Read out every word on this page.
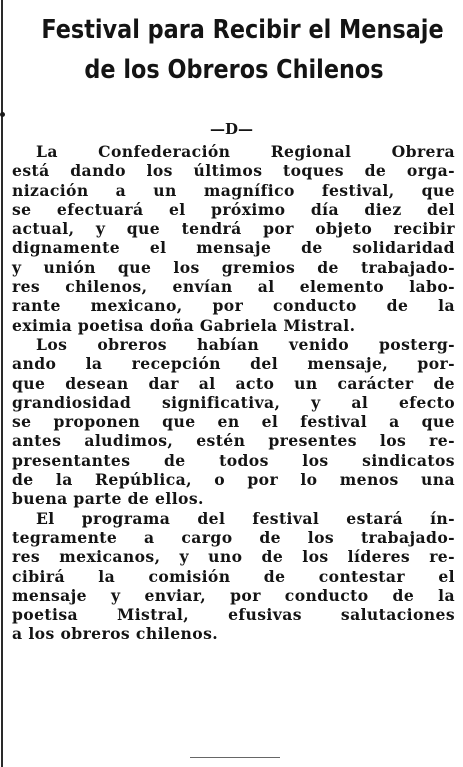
Festival para Recibir el Mensaje
de los Obreros Chilenos
—D—
La Confederación Regional Obrera
está dando los últimos toques de orga-
nización a un magnífico festival, que
se efectuará el próximo día diez del
actual, y que tendrá por objeto recibir
dignamente el mensaje de solidaridad
y unión que los gremios de trabajado-
res chilenos, envían al elemento labo-
rante mexicano, por conducto de la
eximia poetisa doña Gabriela Mistral.
Los obreros habían venido posterg-
ando la recepción del mensaje, por-
que desean dar al acto un carácter de
grandiosidad significativa, y al efecto
se proponen que en el festival a que
antes aludimos, estén presentes los re-
presentantes de todos los sindicatos
de la República, o por lo menos una
buena parte de ellos.
El programa del festival estará ín-
tegramente a cargo de los trabajado-
res mexicanos, y uno de los líderes re-
cibirá la comisión de contestar el
mensaje y enviar, por conducto de la
poetisa Mistral, efusivas salutaciones
a los obreros chilenos.
